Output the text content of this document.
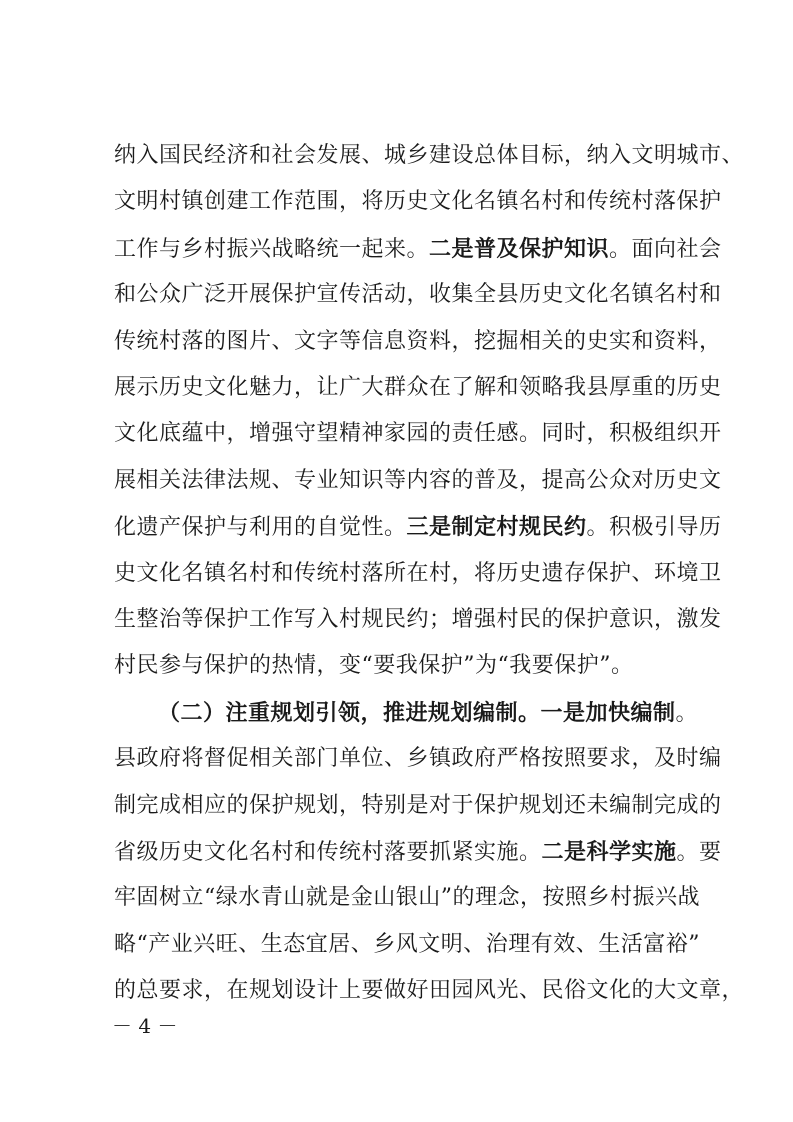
纳入国民经济和社会发展、城乡建设总体目标，纳入文明城市、
文明村镇创建工作范围，将历史文化名镇名村和传统村落保护
工作与乡村振兴战略统一起来。二是普及保护知识。面向社会
和公众广泛开展保护宣传活动，收集全县历史文化名镇名村和
传统村落的图片、文字等信息资料，挖掘相关的史实和资料，
展示历史文化魅力，让广大群众在了解和领略我县厚重的历史
文化底蕴中，增强守望精神家园的责任感。同时，积极组织开
展相关法律法规、专业知识等内容的普及，提高公众对历史文
化遗产保护与利用的自觉性。三是制定村规民约。积极引导历
史文化名镇名村和传统村落所在村，将历史遗存保护、环境卫
生整治等保护工作写入村规民约；增强村民的保护意识，激发
村民参与保护的热情，变“要我保护”为“我要保护”。
（二）注重规划引领，推进规划编制。一是加快编制。
县政府将督促相关部门单位、乡镇政府严格按照要求，及时编
制完成相应的保护规划，特别是对于保护规划还未编制完成的
省级历史文化名村和传统村落要抓紧实施。二是科学实施。要
牢固树立“绿水青山就是金山银山”的理念，按照乡村振兴战
略“产业兴旺、生态宜居、乡风文明、治理有效、生活富裕”
的总要求，在规划设计上要做好田园风光、民俗文化的大文章，
－ 4 －
